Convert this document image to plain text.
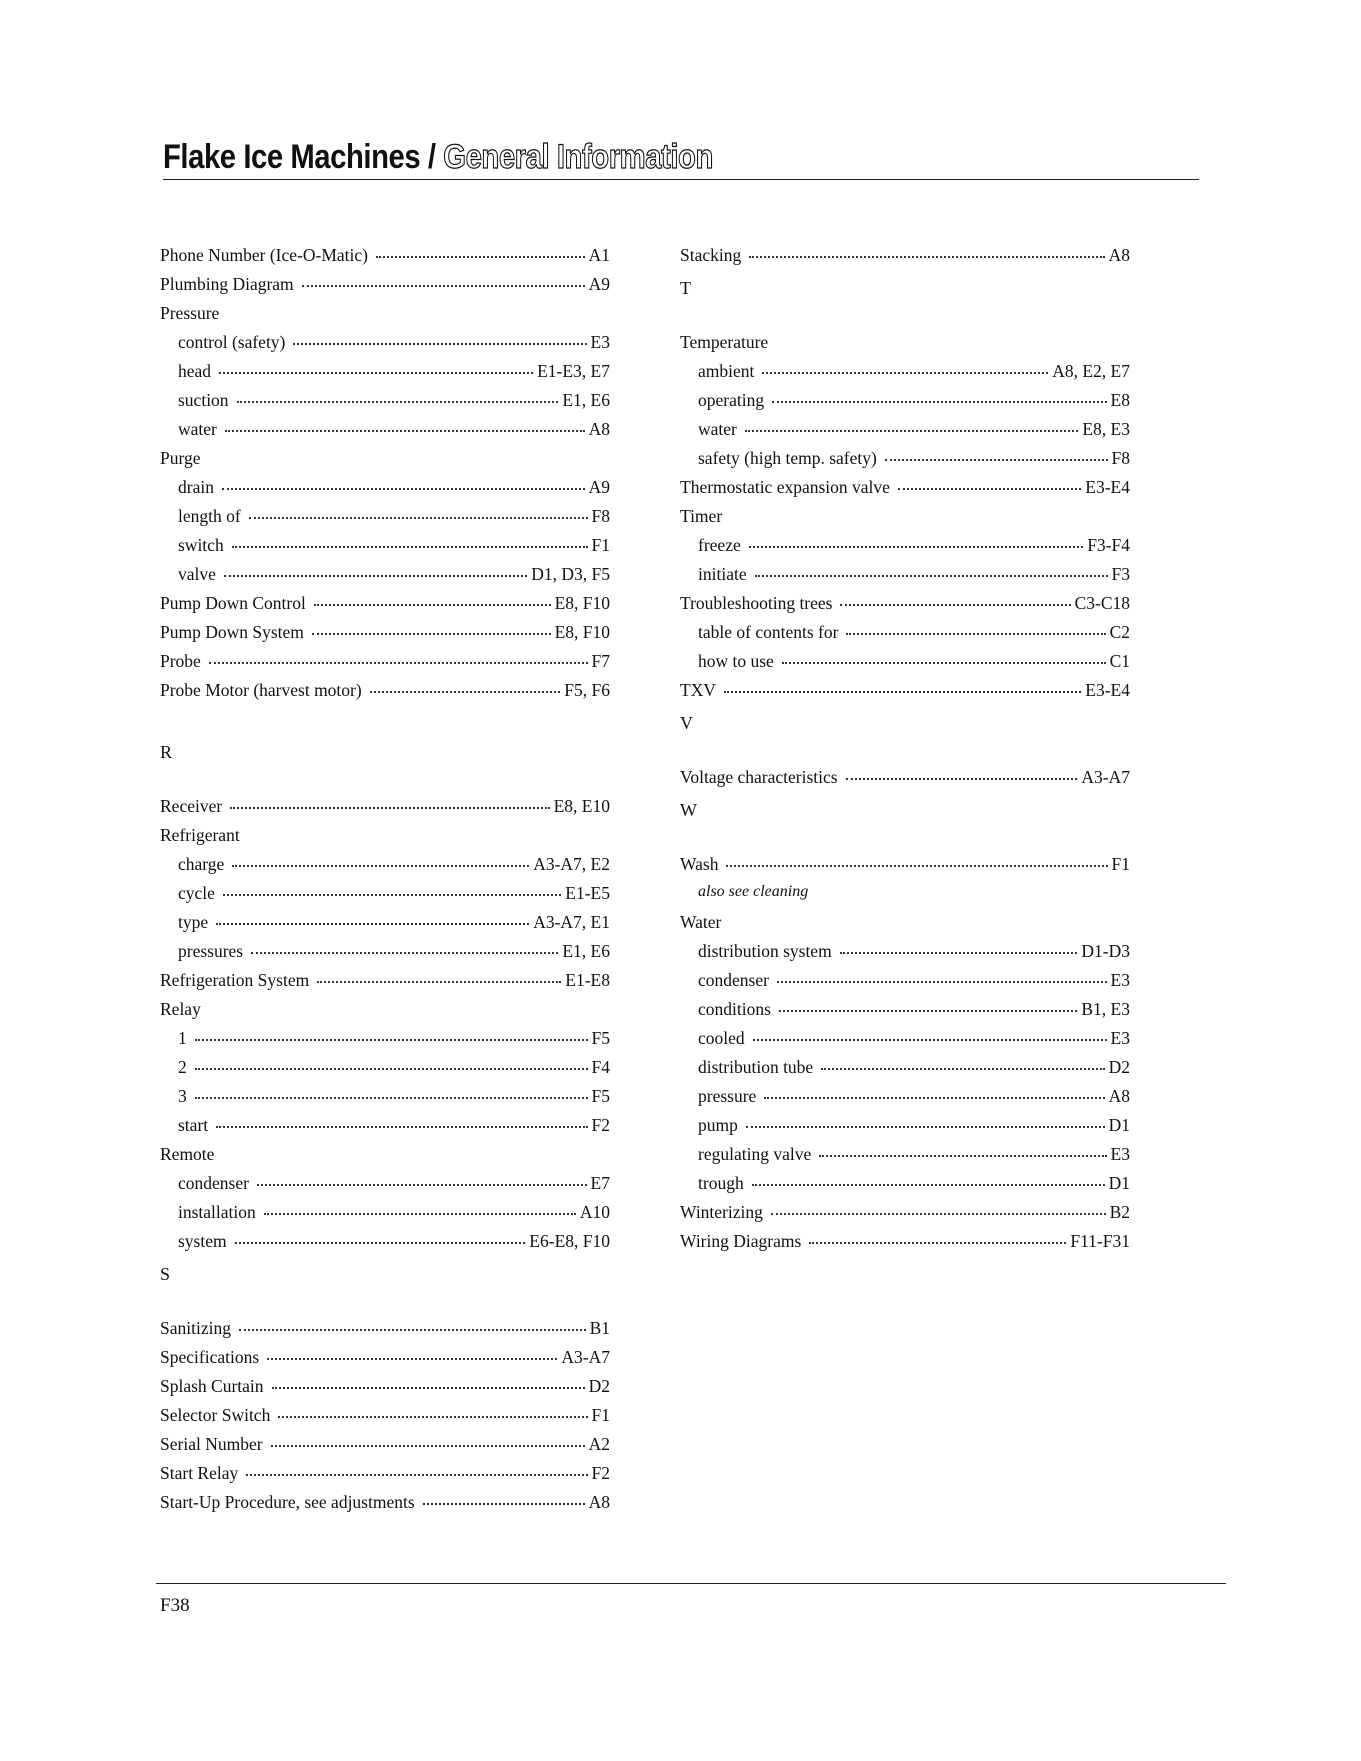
Flake Ice Machines / General Information
Phone Number (Ice-O-Matic)	A1
Plumbing Diagram	A9
Pressure
control (safety)	E3
head	E1-E3, E7
suction	E1, E6
water	A8
Purge
drain	A9
length of	F8
switch	F1
valve	D1, D3, F5
Pump Down Control	E8, F10
Pump Down System	E8, F10
Probe	F7
Probe Motor (harvest motor)	F5, F6
R
Receiver	E8, E10
Refrigerant
charge	A3-A7, E2
cycle	E1-E5
type	A3-A7, E1
pressures	E1, E6
Refrigeration System	E1-E8
Relay
1	F5
2	F4
3	F5
start	F2
Remote
condenser	E7
installation	A10
system	E6-E8, F10
S
Sanitizing	B1
Specifications	A3-A7
Splash Curtain	D2
Selector Switch	F1
Serial Number	A2
Start Relay	F2
Start-Up Procedure, see adjustments	A8
Stacking	A8
T
Temperature
ambient	A8, E2, E7
operating	E8
water	E8, E3
safety (high temp. safety)	F8
Thermostatic expansion valve	E3-E4
Timer
freeze	F3-F4
initiate	F3
Troubleshooting trees	C3-C18
table of contents for	C2
how to use	C1
TXV	E3-E4
V
Voltage characteristics	A3-A7
W
Wash	F1
also see cleaning
Water
distribution system	D1-D3
condenser	E3
conditions	B1, E3
cooled	E3
distribution tube	D2
pressure	A8
pump	D1
regulating valve	E3
trough	D1
Winterizing	B2
Wiring Diagrams	F11-F31
F38
